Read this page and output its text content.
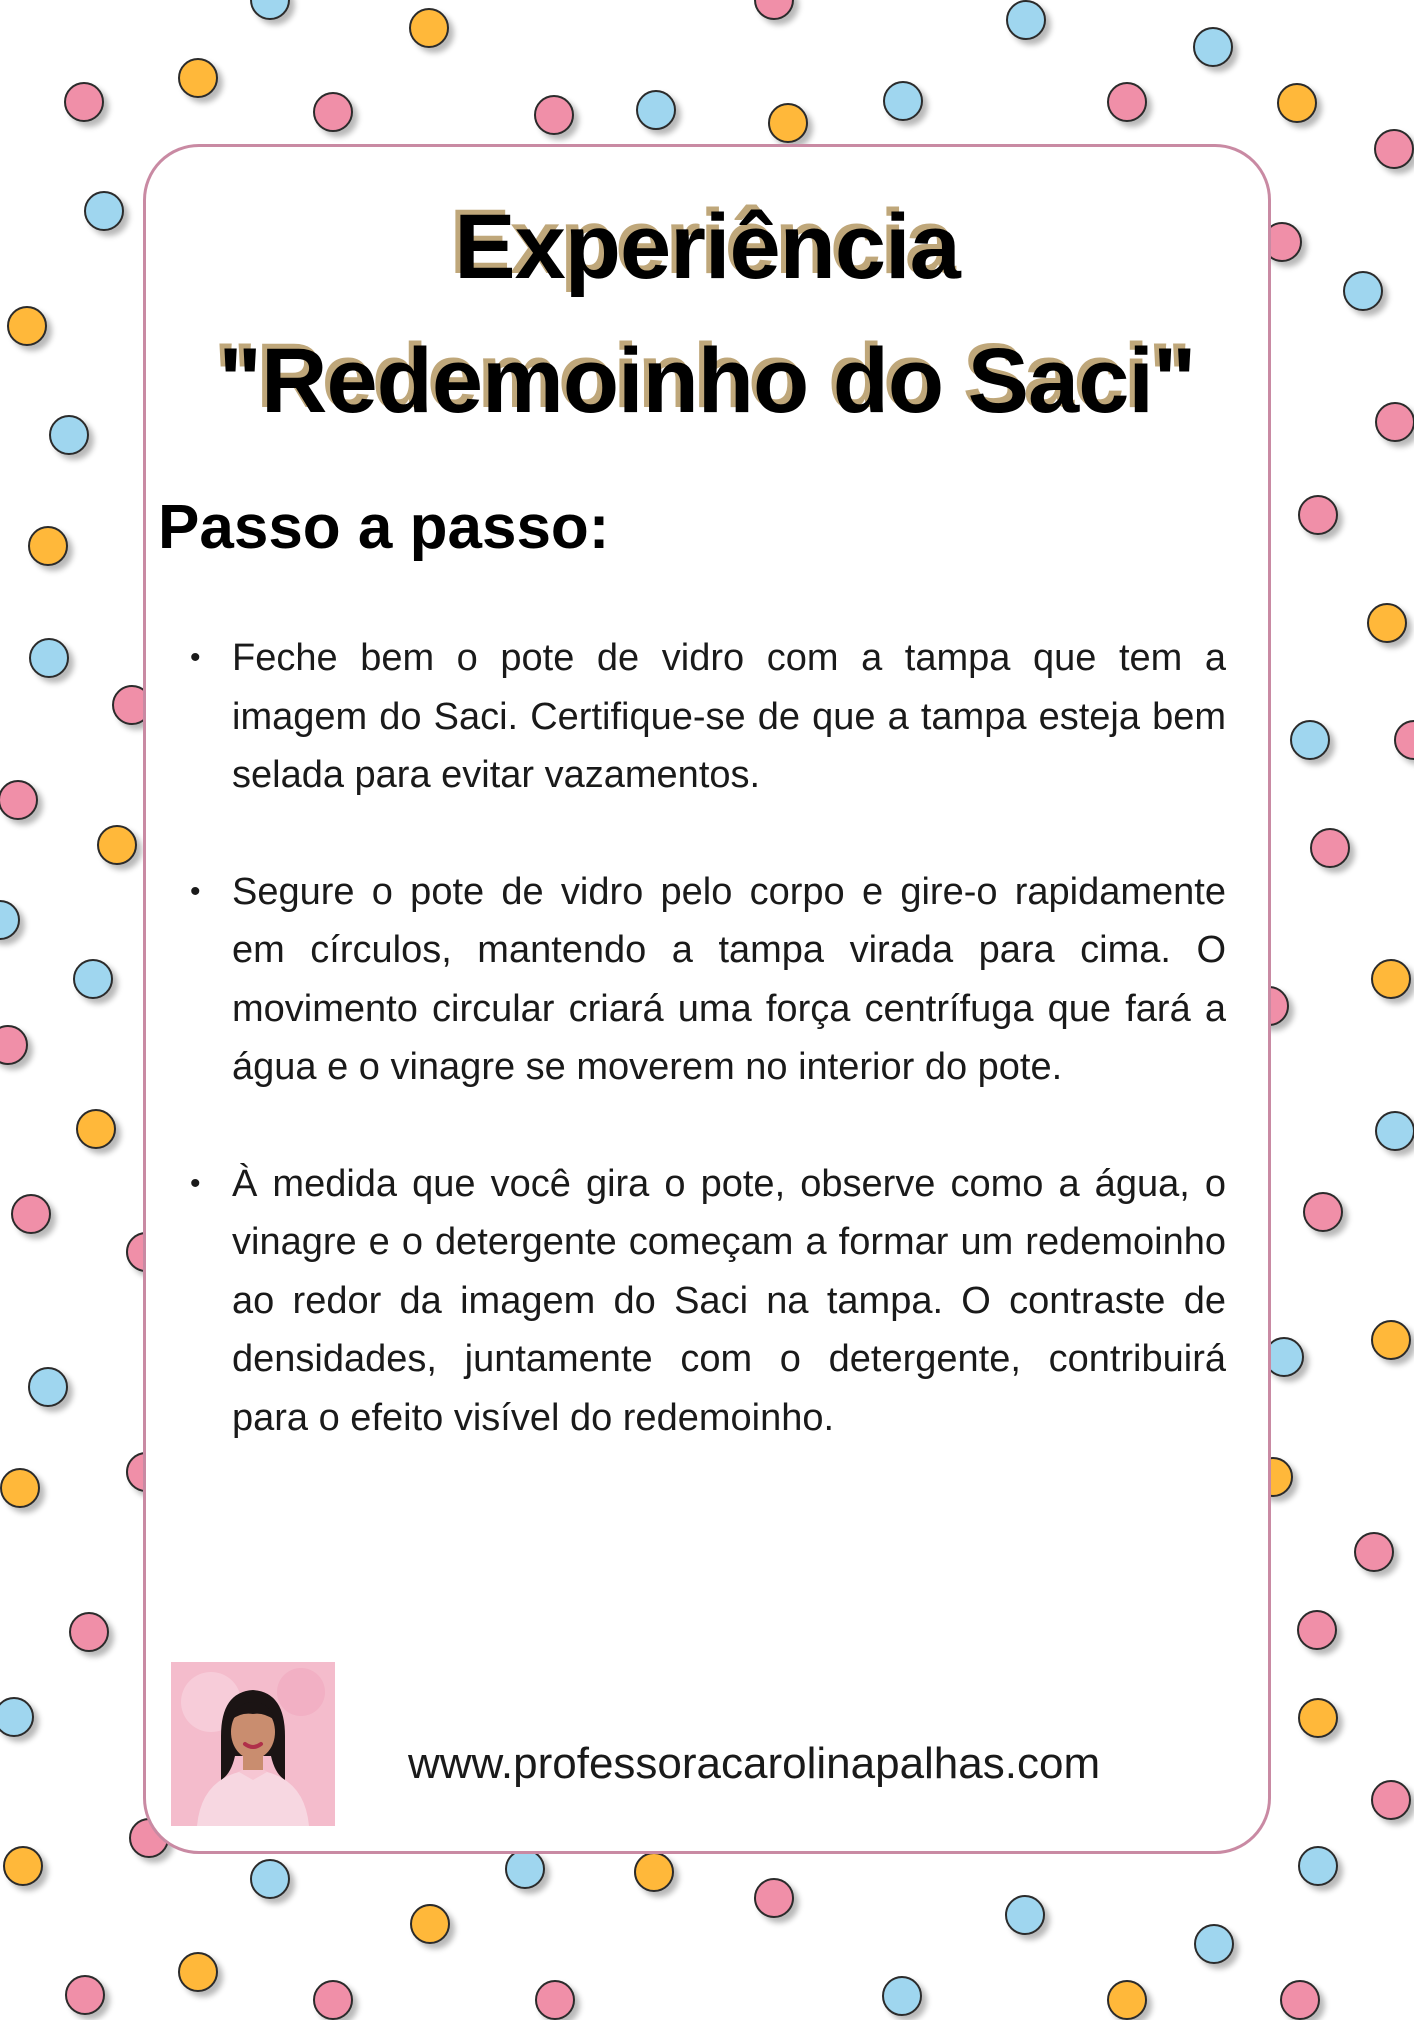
Experiência
"Redemoinho do Saci"
Passo a passo:
• Feche bem o pote de vidro com a tampa que tem a imagem do Saci. Certifique-se de que a tampa esteja bem selada para evitar vazamentos.
• Segure o pote de vidro pelo corpo e gire-o rapidamente em círculos, mantendo a tampa virada para cima. O movimento circular criará uma força centrífuga que fará a água e o vinagre se moverem no interior do pote.
• À medida que você gira o pote, observe como a água, o vinagre e o detergente começam a formar um redemoinho ao redor da imagem do Saci na tampa. O contraste de densidades, juntamente com o detergente, contribuirá para o efeito visível do redemoinho.

www.professoracarolinapalhas.com
